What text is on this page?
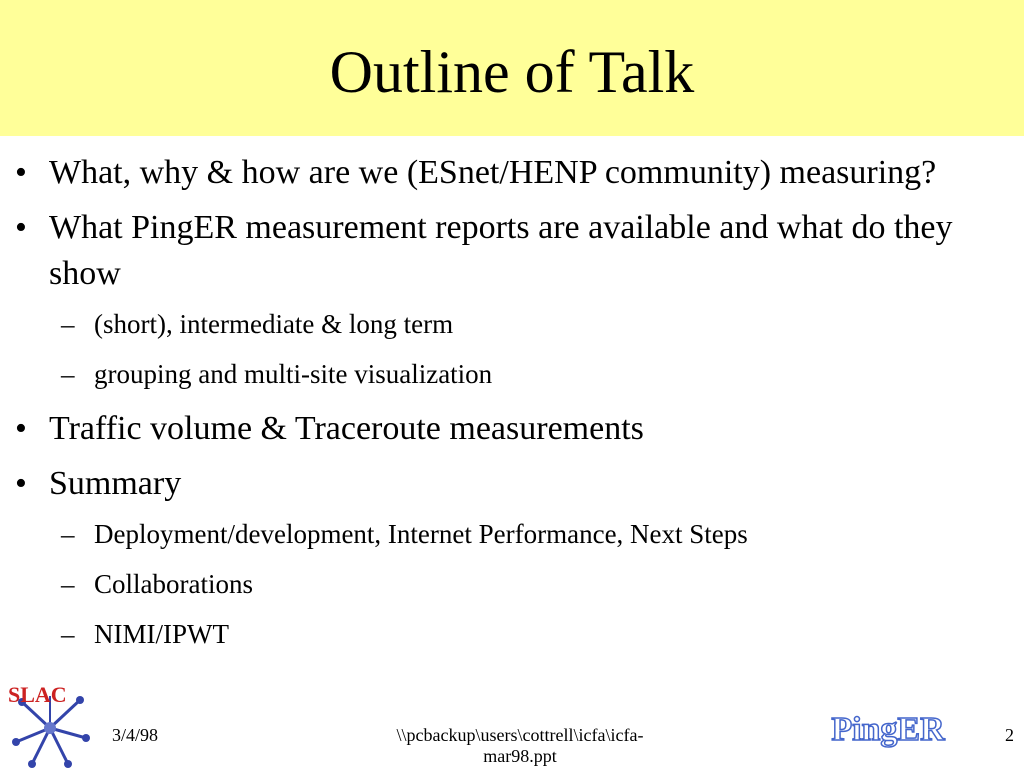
Outline of Talk
• What, why & how are we (ESnet/HENP community) measuring?
• What PingER measurement reports are available and what do they show
– (short), intermediate & long term
– grouping and multi-site visualization
• Traffic volume & Traceroute measurements
• Summary
– Deployment/development, Internet Performance, Next Steps
– Collaborations
– NIMI/IPWT
SLAC
PingER
3/4/98	\\pcbackup\users\cottrell\icfa\icfa-mar98.ppt
2
